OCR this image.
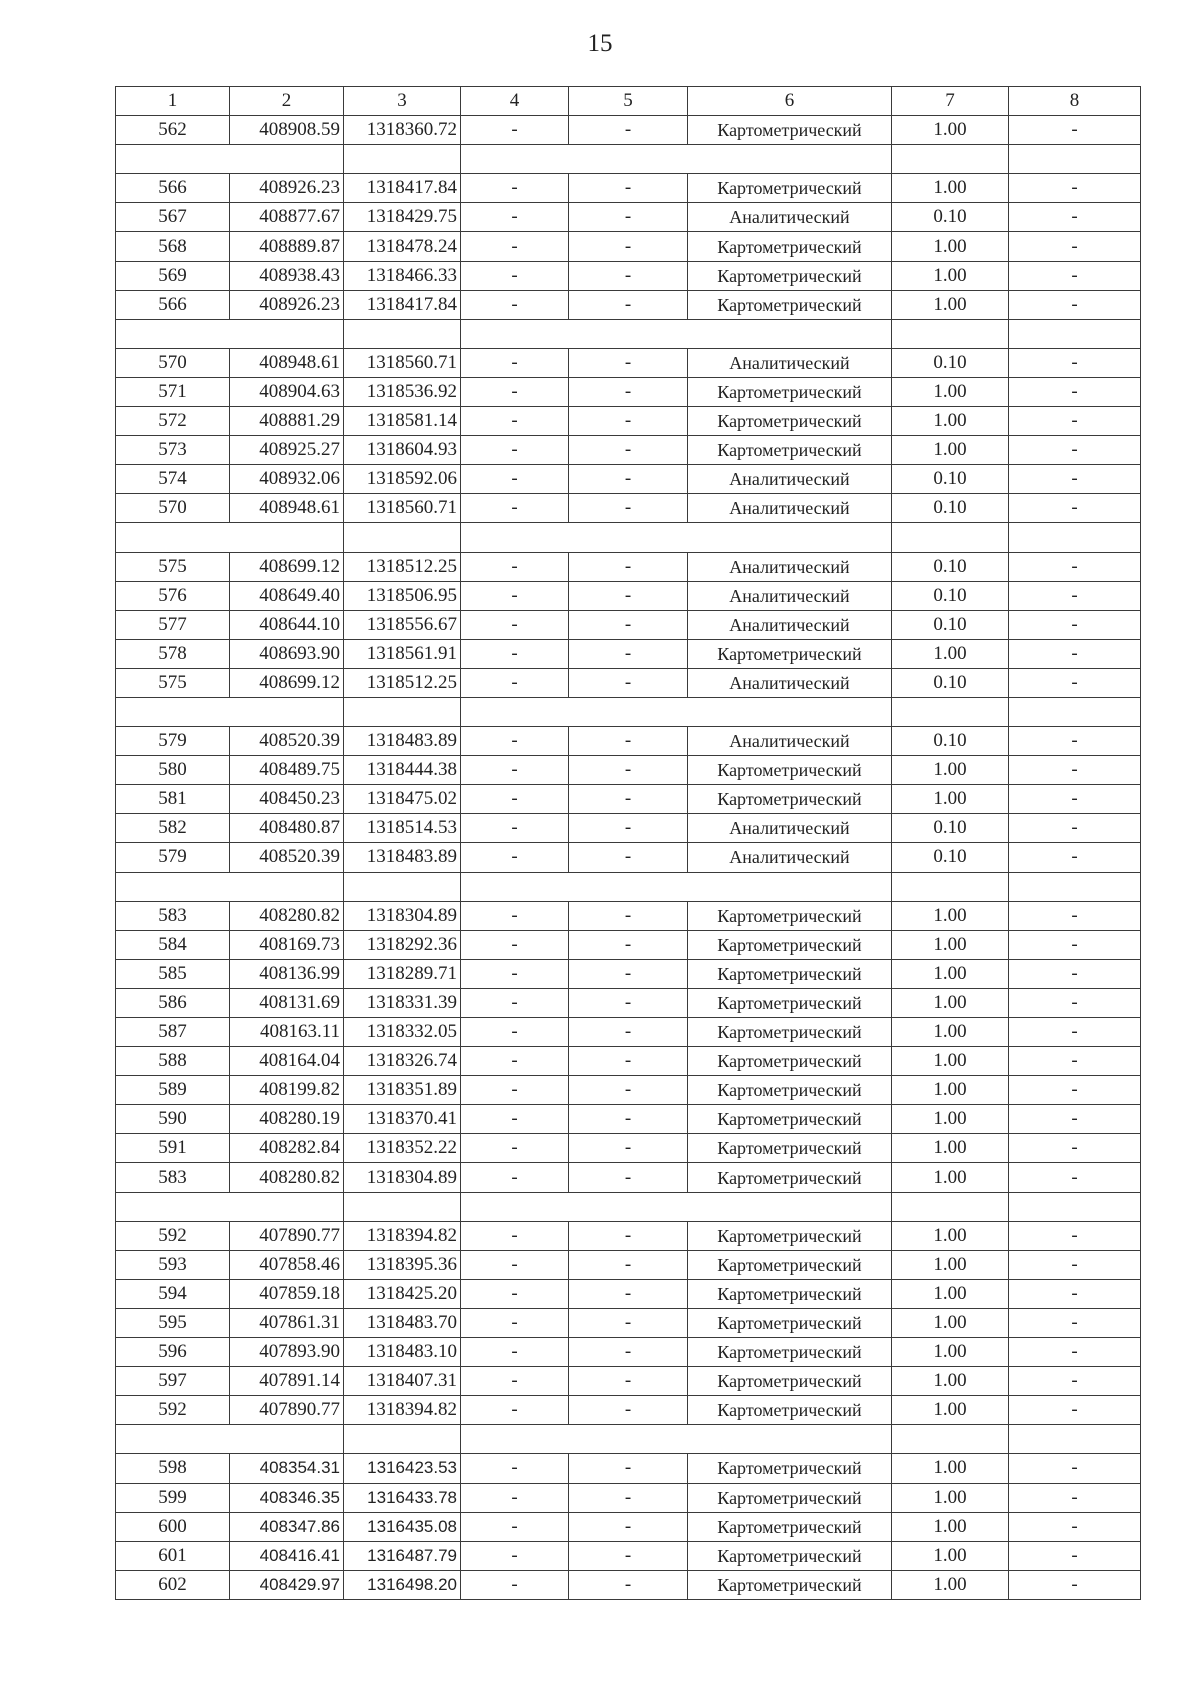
15
1	2	3	4	5	6	7	8
562	408908.59	1318360.72	-	-	Картометрический	1.00	-

566	408926.23	1318417.84	-	-	Картометрический	1.00	-
567	408877.67	1318429.75	-	-	Аналитический	0.10	-
568	408889.87	1318478.24	-	-	Картометрический	1.00	-
569	408938.43	1318466.33	-	-	Картометрический	1.00	-
566	408926.23	1318417.84	-	-	Картометрический	1.00	-

570	408948.61	1318560.71	-	-	Аналитический	0.10	-
571	408904.63	1318536.92	-	-	Картометрический	1.00	-
572	408881.29	1318581.14	-	-	Картометрический	1.00	-
573	408925.27	1318604.93	-	-	Картометрический	1.00	-
574	408932.06	1318592.06	-	-	Аналитический	0.10	-
570	408948.61	1318560.71	-	-	Аналитический	0.10	-

575	408699.12	1318512.25	-	-	Аналитический	0.10	-
576	408649.40	1318506.95	-	-	Аналитический	0.10	-
577	408644.10	1318556.67	-	-	Аналитический	0.10	-
578	408693.90	1318561.91	-	-	Картометрический	1.00	-
575	408699.12	1318512.25	-	-	Аналитический	0.10	-

579	408520.39	1318483.89	-	-	Аналитический	0.10	-
580	408489.75	1318444.38	-	-	Картометрический	1.00	-
581	408450.23	1318475.02	-	-	Картометрический	1.00	-
582	408480.87	1318514.53	-	-	Аналитический	0.10	-
579	408520.39	1318483.89	-	-	Аналитический	0.10	-

583	408280.82	1318304.89	-	-	Картометрический	1.00	-
584	408169.73	1318292.36	-	-	Картометрический	1.00	-
585	408136.99	1318289.71	-	-	Картометрический	1.00	-
586	408131.69	1318331.39	-	-	Картометрический	1.00	-
587	408163.11	1318332.05	-	-	Картометрический	1.00	-
588	408164.04	1318326.74	-	-	Картометрический	1.00	-
589	408199.82	1318351.89	-	-	Картометрический	1.00	-
590	408280.19	1318370.41	-	-	Картометрический	1.00	-
591	408282.84	1318352.22	-	-	Картометрический	1.00	-
583	408280.82	1318304.89	-	-	Картометрический	1.00	-

592	407890.77	1318394.82	-	-	Картометрический	1.00	-
593	407858.46	1318395.36	-	-	Картометрический	1.00	-
594	407859.18	1318425.20	-	-	Картометрический	1.00	-
595	407861.31	1318483.70	-	-	Картометрический	1.00	-
596	407893.90	1318483.10	-	-	Картометрический	1.00	-
597	407891.14	1318407.31	-	-	Картометрический	1.00	-
592	407890.77	1318394.82	-	-	Картометрический	1.00	-

598	408354.31	1316423.53	-	-	Картометрический	1.00	-
599	408346.35	1316433.78	-	-	Картометрический	1.00	-
600	408347.86	1316435.08	-	-	Картометрический	1.00	-
601	408416.41	1316487.79	-	-	Картометрический	1.00	-
602	408429.97	1316498.20	-	-	Картометрический	1.00	-
